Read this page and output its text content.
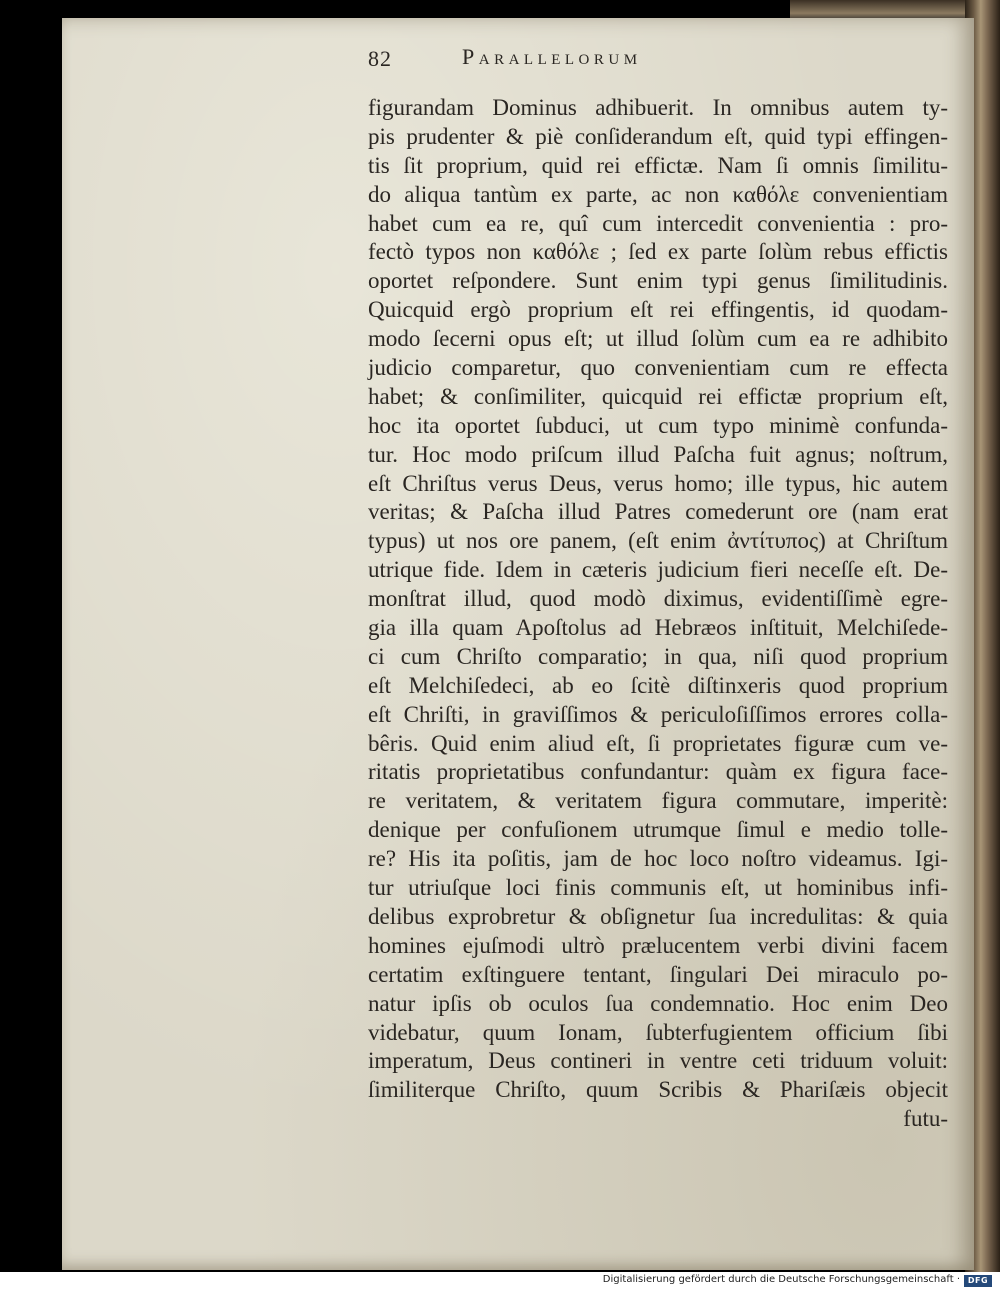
82	Parallelorum
figurandam Dominus adhibuerit. In omnibus autem ty-
pis prudenter & piè conſiderandum eſt, quid typi effingen-
tis ſit proprium, quid rei effictæ. Nam ſi omnis ſimilitu-
do aliqua tantùm ex parte, ac non καθόλε convenientiam
habet cum ea re, quî cum intercedit convenientia : pro-
fectò typos non καθόλε ; ſed ex parte ſolùm rebus effictis
oportet reſpondere. Sunt enim typi genus ſimilitudinis.
Quicquid ergò proprium eſt rei effingentis, id quodam-
modo ſecerni opus eſt; ut illud ſolùm cum ea re adhibito
judicio comparetur, quo convenientiam cum re effecta
habet; & conſimiliter, quicquid rei effictæ proprium eſt,
hoc ita oportet ſubduci, ut cum typo minimè confunda-
tur. Hoc modo priſcum illud Paſcha fuit agnus; noſtrum,
eſt Chriſtus verus Deus, verus homo; ille typus, hic autem
veritas; & Paſcha illud Patres comederunt ore (nam erat
typus) ut nos ore panem, (eſt enim ἀντίτυπος) at Chriſtum
utrique fide. Idem in cæteris judicium fieri neceſſe eſt. De-
monſtrat illud, quod modò diximus, evidentiſſimè egre-
gia illa quam Apoſtolus ad Hebræos inſtituit, Melchiſede-
ci cum Chriſto comparatio; in qua, niſi quod proprium
eſt Melchiſedeci, ab eo ſcitè diſtinxeris quod proprium
eſt Chriſti, in graviſſimos & periculoſiſſimos errores colla-
bêris. Quid enim aliud eſt, ſi proprietates figuræ cum ve-
ritatis proprietatibus confundantur: quàm ex figura face-
re veritatem, & veritatem figura commutare, imperitè:
denique per confuſionem utrumque ſimul e medio tolle-
re? His ita poſitis, jam de hoc loco noſtro videamus. Igi-
tur utriuſque loci finis communis eſt, ut hominibus infi-
delibus exprobretur & obſignetur ſua incredulitas: & quia
homines ejuſmodi ultrò prælucentem verbi divini facem
certatim exſtinguere tentant, ſingulari Dei miraculo po-
natur ipſis ob oculos ſua condemnatio. Hoc enim Deo
videbatur, quum Ionam, ſubterfugientem officium ſibi
imperatum, Deus contineri in ventre ceti triduum voluit:
ſimiliterque Chriſto, quum Scribis & Phariſæis objecit
futu-
Digitalisierung gefördert durch die Deutsche Forschungsgemeinschaft · DFG
